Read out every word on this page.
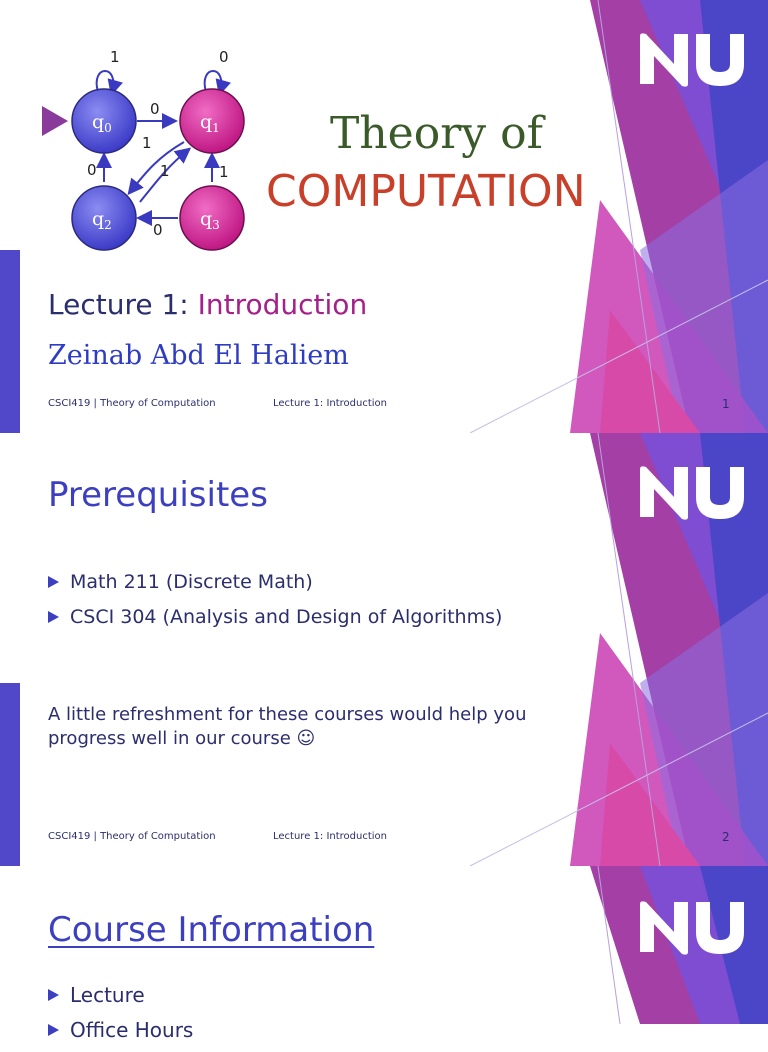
$q_0$	$q_1$
$q_2$	$q_3$
1	0
0
1
1
0	1
0
Theory of
COMPUTATION
Lecture 1: Introduction
Zeinab Abd El Haliem
CSCI419 | Theory of Computation	Lecture 1: Introduction	1
Prerequisites
Math 211 (Discrete Math)
CSCI 304 (Analysis and Design of Algorithms)
A little refreshment for these courses would help you progress well in our course ☺
CSCI419 | Theory of Computation	Lecture 1: Introduction	2
Course Information
Lecture
Office Hours
